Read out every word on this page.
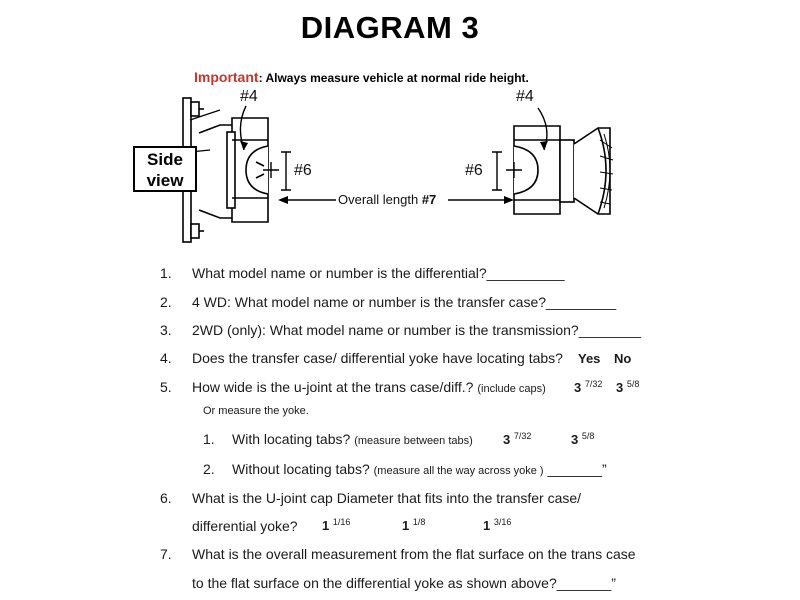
DIAGRAM 3
Important: Always measure vehicle at normal ride height.
Side
view
#4	#4
#6	#6
Overall length #7
1. What model name or number is the differential?__________
2. 4 WD: What model name or number is the transfer case?_________
3. 2WD (only): What model name or number is the transmission?________
4. Does the transfer case/ differential yoke have locating tabs? Yes No
5. How wide is the u-joint at the trans case/diff.? (include caps) 3 $^{7/32}$ 3 $^{5/8}$
Or measure the yoke.
1. With locating tabs? (measure between tabs) 3 $^{7/32}$	3 $^{5/8}$
2. Without locating tabs? (measure all the way across yoke ) _______”
6. What is the U-joint cap Diameter that fits into the transfer case/
differential yoke? 1 $^{1/16}$	1 $^{1/8}$	1 $^{3/16}$
7. What is the overall measurement from the flat surface on the trans case
to the flat surface on the differential yoke as shown above?_______”
